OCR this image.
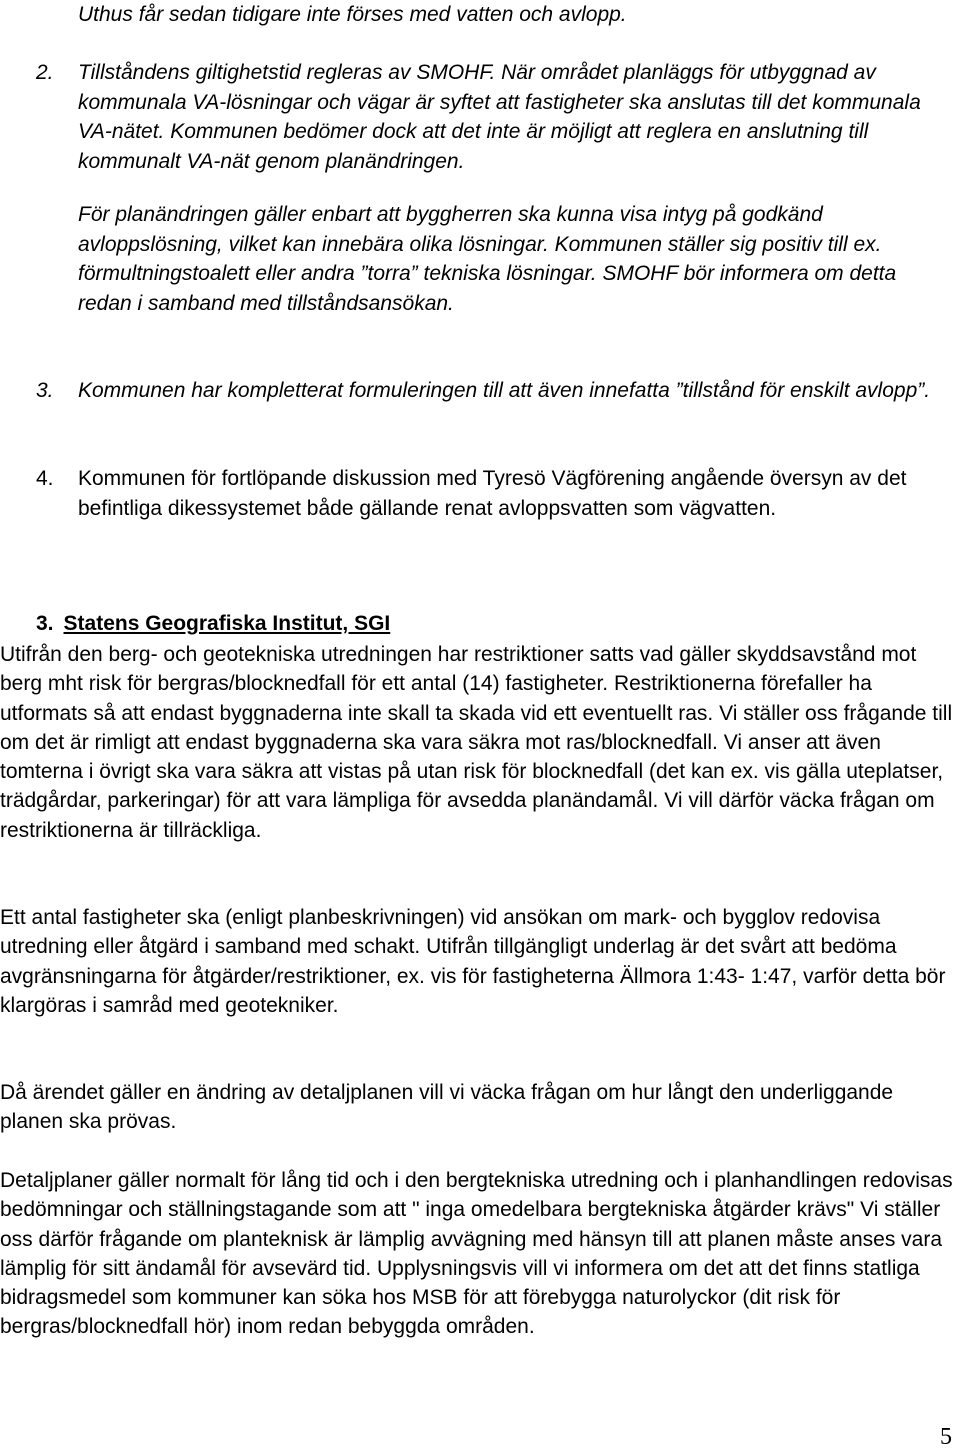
Uthus får sedan tidigare inte förses med vatten och avlopp.

2. Tillståndens giltighetstid regleras av SMOHF. När området planläggs för utbyggnad av kommunala VA-lösningar och vägar är syftet att fastigheter ska anslutas till det kommunala VA-nätet. Kommunen bedömer dock att det inte är möjligt att reglera en anslutning till kommunalt VA-nät genom planändringen.

För planändringen gäller enbart att byggherren ska kunna visa intyg på godkänd avloppslösning, vilket kan innebära olika lösningar. Kommunen ställer sig positiv till ex. förmultningstoalett eller andra ”torra” tekniska lösningar. SMOHF bör informera om detta redan i samband med tillståndsansökan.

3. Kommunen har kompletterat formuleringen till att även innefatta ”tillstånd för enskilt avlopp”.

4. Kommunen för fortlöpande diskussion med Tyresö Vägförening angående översyn av det befintliga dikessystemet både gällande renat avloppsvatten som vägvatten.

3. Statens Geografiska Institut, SGI

Utifrån den berg- och geotekniska utredningen har restriktioner satts vad gäller skyddsavstånd mot berg mht risk för bergras/blocknedfall för ett antal (14) fastigheter. Restriktionerna förefaller ha utformats så att endast byggnaderna inte skall ta skada vid ett eventuellt ras. Vi ställer oss frågande till om det är rimligt att endast byggnaderna ska vara säkra mot ras/blocknedfall. Vi anser att även tomterna i övrigt ska vara säkra att vistas på utan risk för blocknedfall (det kan ex. vis gälla uteplatser, trädgårdar, parkeringar) för att vara lämpliga för avsedda planändamål. Vi vill därför väcka frågan om restriktionerna är tillräckliga.

Ett antal fastigheter ska (enligt planbeskrivningen) vid ansökan om mark- och bygglov redovisa utredning eller åtgärd i samband med schakt. Utifrån tillgängligt underlag är det svårt att bedöma avgränsningarna för åtgärder/restriktioner, ex. vis för fastigheterna Ällmora 1:43- 1:47, varför detta bör klargöras i samråd med geotekniker.

Då ärendet gäller en ändring av detaljplanen vill vi väcka frågan om hur långt den underliggande planen ska prövas.

Detaljplaner gäller normalt för lång tid och i den bergtekniska utredning och i planhandlingen redovisas bedömningar och ställningstagande som att " inga omedelbara bergtekniska åtgärder krävs" Vi ställer oss därför frågande om planteknisk är lämplig avvägning med hänsyn till att planen måste anses vara lämplig för sitt ändamål för avsevärd tid. Upplysningsvis vill vi informera om det att det finns statliga bidragsmedel som kommuner kan söka hos MSB för att förebygga naturolyckor (dit risk för bergras/blocknedfall hör) inom redan bebyggda områden.

5
